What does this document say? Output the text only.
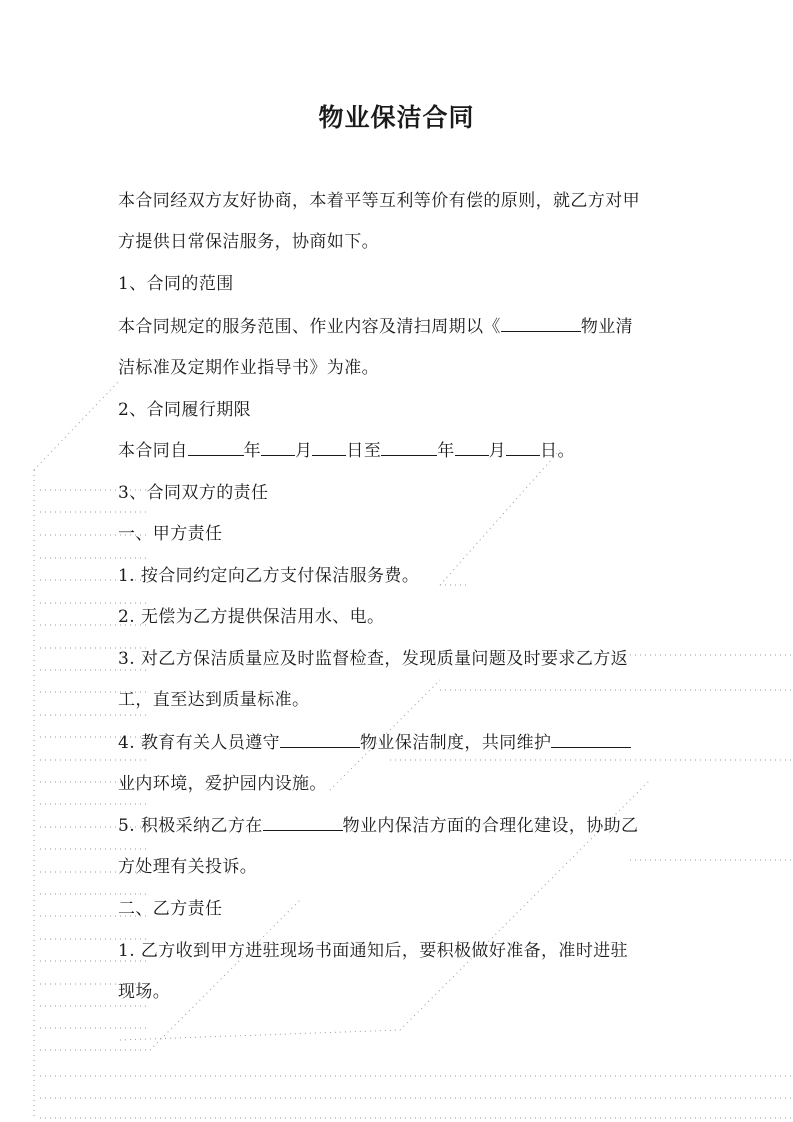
物业保洁合同
本合同经双方友好协商，本着平等互利等价有偿的原则，就乙方对甲
方提供日常保洁服务，协商如下。
1、合同的范围
本合同规定的服务范围、作业内容及清扫周期以《	物业清
洁标准及定期作业指导书》为准。
2、合同履行期限
本合同自	年 月 日至	年 月 日。
3、合同双方的责任
一、甲方责任
1. 按合同约定向乙方支付保洁服务费。
2. 无偿为乙方提供保洁用水、电。
3. 对乙方保洁质量应及时监督检查，发现质量问题及时要求乙方返
工，直至达到质量标准。
4. 教育有关人员遵守	物业保洁制度，共同维护
业内环境，爱护园内设施。
5. 积极采纳乙方在	物业内保洁方面的合理化建设，协助乙
方处理有关投诉。
二、乙方责任
1. 乙方收到甲方进驻现场书面通知后，要积极做好准备，准时进驻
现场。
